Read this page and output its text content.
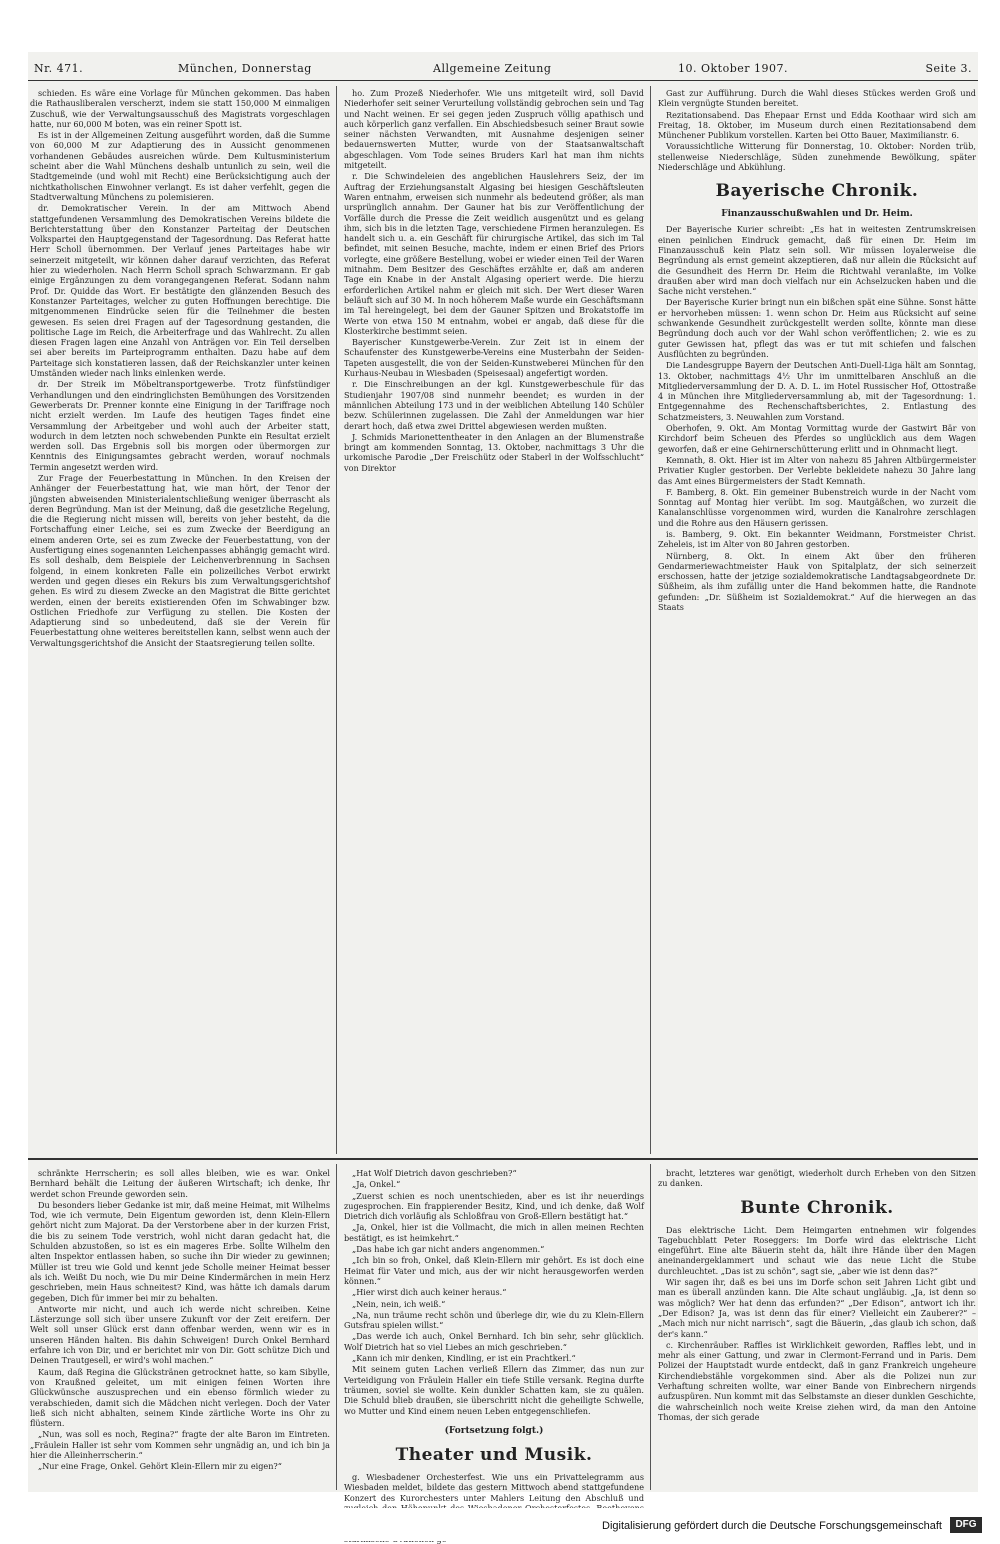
Nr. 471.	München, Donnerstag	Allgemeine Zeitung	10. Oktober 1907.	Seite 3.

schieden. Es wäre eine Vorlage für München gekommen. Das haben die Rathausliberalen verscherzt, indem sie statt 150,000 M einmaligen Zuschuß, wie der Verwaltungsausschuß des Magistrats vorgeschlagen hatte, nur 60,000 M boten, was ein reiner Spott ist.

Es ist in der Allgemeinen Zeitung ausgeführt worden, daß die Summe von 60,000 M zur Adaptierung des in Aussicht genommenen vorhandenen Gebäudes ausreichen würde. Dem Kultusministerium scheint aber die Wahl Münchens deshalb untunlich zu sein, weil die Stadtgemeinde (und wohl mit Recht) eine Berücksichtigung auch der nichtkatholischen Einwohner verlangt. Es ist daher verfehlt, gegen die Stadtverwaltung Münchens zu polemisieren.

dr. Demokratischer Verein. In der am Mittwoch Abend stattgefundenen Versammlung des Demokratischen Vereins bildete die Berichterstattung über den Konstanzer Parteitag der Deutschen Volkspartei den Hauptgegenstand der Tagesordnung. Das Referat hatte Herr Scholl übernommen. Der Verlauf jenes Parteitages habe wir seinerzeit mitgeteilt, wir können daher darauf verzichten, das Referat hier zu wiederholen. Nach Herrn Scholl sprach Schwarzmann. Er gab einige Ergänzungen zu dem vorangegangenen Referat. Sodann nahm Prof. Dr. Quidde das Wort. Er bestätigte den glänzenden Besuch des Konstanzer Parteitages, welcher zu guten Hoffnungen berechtige. Die mitgenommenen Eindrücke seien für die Teilnehmer die besten gewesen. Es seien drei Fragen auf der Tagesordnung gestanden, die politische Lage im Reich, die Arbeiterfrage und das Wahlrecht. Zu allen diesen Fragen lagen eine Anzahl von Anträgen vor. Ein Teil derselben sei aber bereits im Parteiprogramm enthalten. Dazu habe auf dem Parteitage sich konstatieren lassen, daß der Reichskanzler unter keinen Umständen wieder nach links einlenken werde.

dr. Der Streik im Möbeltransportgewerbe. Trotz fünfstündiger Verhandlungen und den eindringlichsten Bemühungen des Vorsitzenden Gewerberats Dr. Prenner konnte eine Einigung in der Tariffrage noch nicht erzielt werden. Im Laufe des heutigen Tages findet eine Versammlung der Arbeitgeber und wohl auch der Arbeiter statt, wodurch in dem letzten noch schwebenden Punkte ein Resultat erzielt werden soll. Das Ergebnis soll bis morgen oder übermorgen zur Kenntnis des Einigungsamtes gebracht werden, worauf nochmals Termin angesetzt werden wird.

Zur Frage der Feuerbestattung in München. In den Kreisen der Anhänger der Feuerbestattung hat, wie man hört, der Tenor der jüngsten abweisenden Ministerialentschließung weniger überrascht als deren Begründung. Man ist der Meinung, daß die gesetzliche Regelung, die die Regierung nicht missen will, bereits von jeher besteht, da die Fortschaffung einer Leiche, sei es zum Zwecke der Beerdigung an einem anderen Orte, sei es zum Zwecke der Feuerbestattung, von der Ausfertigung eines sogenannten Leichenpasses abhängig gemacht wird. Es soll deshalb, dem Beispiele der Leichenverbrennung in Sachsen folgend, in einem konkreten Falle ein polizeiliches Verbot erwirkt werden und gegen dieses ein Rekurs bis zum Verwaltungsgerichtshof gehen. Es wird zu diesem Zwecke an den Magistrat die Bitte gerichtet werden, einen der bereits existierenden Ofen im Schwabinger bzw. Ostlichen Friedhofe zur Verfügung zu stellen. Die Kosten der Adaptierung sind so unbedeutend, daß sie der Verein für Feuerbestattung ohne weiteres bereitstellen kann, selbst wenn auch der Verwaltungsgerichtshof die Ansicht der Staatsregierung teilen sollte.

ho. Zum Prozeß Niederhofer. Wie uns mitgeteilt wird, soll David Niederhofer seit seiner Verurteilung vollständig gebrochen sein und Tag und Nacht weinen. Er sei gegen jeden Zuspruch völlig apathisch und auch körperlich ganz verfallen. Ein Abschiedsbesuch seiner Braut sowie seiner nächsten Verwandten, mit Ausnahme desjenigen seiner bedauernswerten Mutter, wurde von der Staatsanwaltschaft abgeschlagen. Vom Tode seines Bruders Karl hat man ihm nichts mitgeteilt.

r. Die Schwindeleien des angeblichen Hauslehrers Seiz, der im Auftrag der Erziehungsanstalt Algasing bei hiesigen Geschäftsleuten Waren entnahm, erweisen sich nunmehr als bedeutend größer, als man ursprünglich annahm. Der Gauner hat bis zur Veröffentlichung der Vorfälle durch die Presse die Zeit weidlich ausgenützt und es gelang ihm, sich bis in die letzten Tage, verschiedene Firmen heranzulegen. Es handelt sich u. a. ein Geschäft für chirurgische Artikel, das sich im Tal befindet, mit seinen Besuche, machte, indem er einen Brief des Priors vorlegte, eine größere Bestellung, wobei er wieder einen Teil der Waren mitnahm. Dem Besitzer des Geschäftes erzählte er, daß am anderen Tage ein Knabe in der Anstalt Algasing operiert werde. Die hierzu erforderlichen Artikel nahm er gleich mit sich. Der Wert dieser Waren beläuft sich auf 30 M. In noch höherem Maße wurde ein Geschäftsmann im Tal hereingelegt, bei dem der Gauner Spitzen und Brokatstoffe im Werte von etwa 150 M entnahm, wobei er angab, daß diese für die Klosterkirche bestimmt seien.

Bayerischer Kunstgewerbe-Verein. Zur Zeit ist in einem der Schaufenster des Kunstgewerbe-Vereins eine Musterbahn der Seiden-Tapeten ausgestellt, die von der Seiden-Kunstweberei München für den Kurhaus-Neubau in Wiesbaden (Speisesaal) angefertigt worden.

r. Die Einschreibungen an der kgl. Kunstgewerbeschule für das Studienjahr 1907/08 sind nunmehr beendet; es wurden in der männlichen Abteilung 173 und in der weiblichen Abteilung 140 Schüler bezw. Schülerinnen zugelassen. Die Zahl der Anmeldungen war hier derart hoch, daß etwa zwei Drittel abgewiesen werden mußten.

J. Schmids Marionettentheater in den Anlagen an der Blumenstraße bringt am kommenden Sonntag, 13. Oktober, nachmittags 3 Uhr die urkomische Parodie „Der Freischütz oder Staberl in der Wolfsschlucht“ von Direktor

Gast zur Aufführung. Durch die Wahl dieses Stückes werden Groß und Klein vergnügte Stunden bereitet.

Rezitationsabend. Das Ehepaar Ernst und Edda Koothaar wird sich am Freitag, 18. Oktober, im Museum durch einen Rezitationsabend dem Münchener Publikum vorstellen. Karten bei Otto Bauer, Maximilianstr. 6.

Voraussichtliche Witterung für Donnerstag, 10. Oktober: Norden trüb, stellenweise Niederschläge, Süden zunehmende Bewölkung, später Niederschläge und Abkühlung.

Bayerische Chronik.
Finanzausschußwahlen und Dr. Heim.

Der Bayerische Kurier schreibt: „Es hat in weitesten Zentrumskreisen einen peinlichen Eindruck gemacht, daß für einen Dr. Heim im Finanzausschuß kein Platz sein soll. Wir müssen loyalerweise die Begründung als ernst gemeint akzeptieren, daß nur allein die Rücksicht auf die Gesundheit des Herrn Dr. Heim die Richtwahl veranlaßte, im Volke draußen aber wird man doch vielfach nur ein Achselzucken haben und die Sache nicht verstehen.“

Der Bayerische Kurier bringt nun ein bißchen spät eine Sühne. Sonst hätte er hervorheben müssen: 1. wenn schon Dr. Heim aus Rücksicht auf seine schwankende Gesundheit zurückgestellt werden sollte, könnte man diese Begründung doch auch vor der Wahl schon veröffentlichen; 2. wie es zu guter Gewissen hat, pflegt das was er tut mit schiefen und falschen Ausflüchten zu begründen.

Die Landesgruppe Bayern der Deutschen Anti-Duell-Liga hält am Sonntag, 13. Oktober, nachmittags 4½ Uhr im unmittelbaren Anschluß an die Mitgliederversammlung der D. A. D. L. im Hotel Russischer Hof, Ottostraße 4 in München ihre Mitgliederversammlung ab, mit der Tagesordnung: 1. Entgegennahme des Rechenschaftsberichtes, 2. Entlastung des Schatzmeisters, 3. Neuwahlen zum Vorstand.

Oberhofen, 9. Okt. Am Montag Vormittag wurde der Gastwirt Bär von Kirchdorf beim Scheuen des Pferdes so unglücklich aus dem Wagen geworfen, daß er eine Gehirnerschütterung erlitt und in Ohnmacht liegt.

Kemnath, 8. Okt. Hier ist im Alter von nahezu 85 Jahren Altbürgermeister Privatier Kugler gestorben. Der Verlebte bekleidete nahezu 30 Jahre lang das Amt eines Bürgermeisters der Stadt Kemnath.

F. Bamberg, 8. Okt. Ein gemeiner Bubenstreich wurde in der Nacht vom Sonntag auf Montag hier verübt. Im sog. Mautgäßchen, wo zurzeit die Kanalanschlüsse vorgenommen wird, wurden die Kanalrohre zerschlagen und die Rohre aus den Häusern gerissen.

is. Bamberg, 9. Okt. Ein bekannter Weidmann, Forstmeister Christ. Zeheleis, ist im Alter von 80 Jahren gestorben.

Nürnberg, 8. Okt. In einem Akt über den früheren Gendarmeriewachtmeister Hauk von Spitalplatz, der sich seinerzeit erschossen, hatte der jetzige sozialdemokratische Landtagsabgeordnete Dr. Süßheim, als ihm zufällig unter die Hand bekommen hatte, die Randnote gefunden: „Dr. Süßheim ist Sozialdemokrat.“ Auf die hierwegen an das Staats

schränkte Herrscherin; es soll alles bleiben, wie es war. Onkel Bernhard behält die Leitung der äußeren Wirtschaft; ich denke, Ihr werdet schon Freunde geworden sein.

Du besonders lieber Gedanke ist mir, daß meine Heimat, mit Wilhelms Tod, wie ich vermute, Dein Eigentum geworden ist, denn Klein-Ellern gehört nicht zum Majorat. Da der Verstorbene aber in der kurzen Frist, die bis zu seinem Tode verstrich, wohl nicht daran gedacht hat, die Schulden abzustoßen, so ist es ein mageres Erbe. Sollte Wilhelm den alten Inspektor entlassen haben, so suche ihn Dir wieder zu gewinnen; Müller ist treu wie Gold und kennt jede Scholle meiner Heimat besser als ich. Weißt Du noch, wie Du mir Deine Kindermärchen in mein Herz geschrieben, mein Haus schneitest? Kind, was hätte ich damals darum gegeben, Dich für immer bei mir zu behalten.

Antworte mir nicht, und auch ich werde nicht schreiben. Keine Lästerzunge soll sich über unsere Zukunft vor der Zeit ereifern. Der Welt soll unser Glück erst dann offenbar werden, wenn wir es in unseren Händen halten. Bis dahin Schweigen! Durch Onkel Bernhard erfahre ich von Dir, und er berichtet mir von Dir. Gott schütze Dich und Deinen Trautgesell, er wird's wohl machen.“

Kaum, daß Regina die Glückstränen getrocknet hatte, so kam Sibylle, von Kraußned geleitet, um mit einigen feinen Worten ihre Glückwünsche auszusprechen und ein ebenso förmlich wieder zu verabschieden, damit sich die Mädchen nicht verlegen. Doch der Vater ließ sich nicht abhalten, seinem Kinde zärtliche Worte ins Ohr zu flüstern.

„Nun, was soll es noch, Regina?“ fragte der alte Baron im Eintreten. „Fräulein Haller ist sehr vom Kommen sehr ungnädig an, und ich bin ja hier die Alleinherrscherin.“

„Nur eine Frage, Onkel. Gehört Klein-Ellern mir zu eigen?“

„Hat Wolf Dietrich davon geschrieben?“

„Ja, Onkel.“

„Zuerst schien es noch unentschieden, aber es ist ihr neuerdings zugesprochen. Ein frappierender Besitz, Kind, und ich denke, daß Wolf Dietrich dich vorläufig als Schloßfrau von Groß-Ellern bestätigt hat.“

„Ja, Onkel, hier ist die Vollmacht, die mich in allen meinen Rechten bestätigt, es ist heimkehrt.“

„Das habe ich gar nicht anders angenommen.“

„Ich bin so froh, Onkel, daß Klein-Ellern mir gehört. Es ist doch eine Heimat für Vater und mich, aus der wir nicht herausgeworfen werden können.“

„Hier wirst dich auch keiner heraus.“

„Nein, nein, ich weiß.“

„Na, nun träume recht schön und überlege dir, wie du zu Klein-Ellern Gutsfrau spielen willst.“

„Das werde ich auch, Onkel Bernhard. Ich bin sehr, sehr glücklich. Wolf Dietrich hat so viel Liebes an mich geschrieben.“

„Kann ich mir denken, Kindling, er ist ein Prachtkerl.“

Mit seinem guten Lachen verließ Ellern das Zimmer, das nun zur Verteidigung von Fräulein Haller ein tiefe Stille versank. Regina durfte träumen, soviel sie wollte. Kein dunkler Schatten kam, sie zu quälen. Die Schuld blieb draußen, sie überschritt nicht die geheiligte Schwelle, wo Mutter und Kind einem neuen Leben entgegenschliefen.

(Fortsetzung folgt.)
Theater und Musik.

g. Wiesbadener Orchesterfest. Wie uns ein Privattelegramm aus Wiesbaden meldet, bildete das gestern Mittwoch abend stattgefundene Konzert des Kurorchesters unter Mahlers Leitung den Abschluß und

bracht, letzteres war genötigt, wiederholt durch Erheben von den Sitzen zu danken.

Bunte Chronik.

Das elektrische Licht. Dem Heimgarten entnehmen wir folgendes Tagebuchblatt Peter Roseggers: Im Dorfe wird das elektrische Licht eingeführt. Eine alte Bäuerin steht da, hält ihre Hände über den Magen aneinandergeklammert und schaut wie das neue Licht die Stube durchleuchtet. „Das ist zu schön“, sagt sie, „aber wie ist denn das?“

Wir sagen ihr, daß es bei uns im Dorfe schon seit Jahren Licht gibt und man es überall anzünden kann. Die Alte schaut ungläubig. „Ja, ist denn so was möglich? Wer hat denn das erfunden?“ „Der Edison“, antwort ich ihr. „Der Edison? Ja, was ist denn das für einer? Vielleicht ein Zauberer?“ – „Mach mich nur nicht narrisch“, sagt die Bäuerin, „das glaub ich schon, daß der's kann.“

c. Kirchenräuber. Raffles ist Wirklichkeit geworden, Raffles lebt, und in mehr als einer Gattung, und zwar in Clermont-Ferrand und in Paris. Dem Polizei der Hauptstadt wurde entdeckt, daß in ganz Frankreich ungeheure Kirchendiebstähle vorgekommen sind. Aber als die Polizei nun zur Verhaftung schreiten wollte, war einer Bande von Einbrechern nirgends aufzuspüren. Nun kommt mit das Selbstamste an dieser dunklen Geschichte, die wahrscheinlich noch weite Kreise ziehen wird, da man den Antoine Thomas, der sich gerade

Digitalisierung gefördert durch die Deutsche Forschungsgemeinschaft	DFG
